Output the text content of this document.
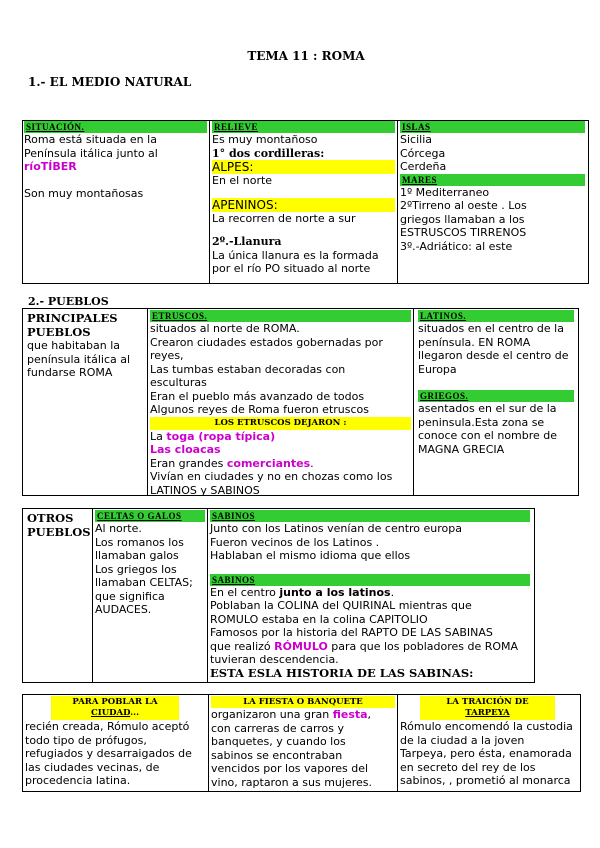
TEMA 11 : ROMA
1.- EL MEDIO NATURAL
SITUACIÓN.

Roma está situada en la

Península itálica junto al

ríoTÍBER

Son muy montañosas

RELIEVE

Es muy montañoso

1° dos cordilleras:

ALPES:

En el norte

APENINOS:

La recorren de norte a sur

2º.-Llanura

La única llanura es la formada

por el río PO situado al norte

ISLAS

Sicilia

Córcega

Cerdeña

MARES

1º Mediterraneo

2ºTirreno al oeste . Los

griegos llamaban a los

ESTRUSCOS TIRRENOS

3º.-Adriático: al este

2.- PUEBLOS

PRINCIPALES

PUEBLOS

que habitaban la

península itálica al

fundarse ROMA

ETRUSCOS.

situados al norte de ROMA.

Crearon ciudades estados gobernadas por

reyes,

Las tumbas estaban decoradas con

esculturas

Eran el pueblo más avanzado de todos

Algunos reyes de Roma fueron etruscos

LOS ETRUSCOS DEJARON :

La toga (ropa típica)

Las cloacas

Eran grandes comerciantes.

Vivían en ciudades y no en chozas como los

LATINOS y SABINOS

LATINOS.

situados en el centro de la

península. EN ROMA

llegaron desde el centro de

Europa

GRIEGOS.

asentados en el sur de la

peninsula.Esta zona se

conoce con el nombre de

MAGNA GRECIA

OTROS

PUEBLOS

CELTAS O GALOS

Al norte.

Los romanos los

llamaban galos

Los griegos los

llamaban CELTAS;

que significa

AUDACES.

SABINOS

Junto con los Latinos venían de centro europa

Fueron vecinos de los Latinos .

Hablaban el mismo idioma que ellos

SABINOS

En el centro junto a los latinos.

Poblaban la COLINA del QUIRINAL mientras que

ROMULO estaba en la colina CAPITOLIO

Famosos por la historia del RAPTO DE LAS SABINAS

que realizó RÓMULO para que los pobladores de ROMA

tuvieran descendencia.

ESTA ESLA HISTORIA DE LAS SABINAS:

PARA POBLAR LA
CIUDAD...

recién creada, Rómulo aceptó

todo tipo de prófugos,

refugiados y desarraigados de

las ciudades vecinas, de

procedencia latina.

LA FIESTA O BANQUETE

organizaron una gran fiesta,

con carreras de carros y

banquetes, y cuando los

sabinos se encontraban

vencidos por los vapores del

vino, raptaron a sus mujeres.

LA TRAICIÓN DE
TARPEYA

Rómulo encomendó la custodia

de la ciudad a la joven

Tarpeya, pero ésta, enamorada

en secreto del rey de los

sabinos, , prometió al monarca
